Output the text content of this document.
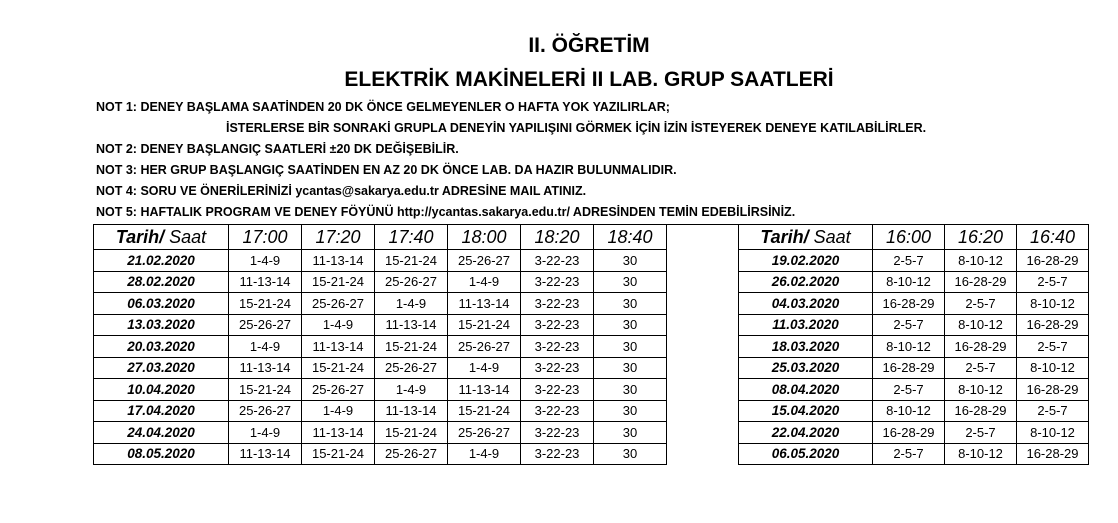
II. ÖĞRETİM
ELEKTRİK MAKİNELERİ II LAB. GRUP SAATLERİ
NOT 1: DENEY BAŞLAMA SAATİNDEN 20 DK ÖNCE GELMEYENLER O HAFTA YOK YAZILIRLAR;
İSTERLERSE BİR SONRAKİ GRUPLA DENEYİN YAPILIŞINI GÖRMEK İÇİN İZİN İSTEYEREK DENEYE KATILABİLİRLER.
NOT 2: DENEY BAŞLANGIÇ SAATLERİ ±20 DK DEĞİŞEBİLİR.
NOT 3: HER GRUP BAŞLANGIÇ SAATİNDEN EN AZ 20 DK ÖNCE LAB. DA HAZIR BULUNMALIDIR.
NOT 4: SORU VE ÖNERİLERİNİZİ ycantas@sakarya.edu.tr ADRESİNE MAIL ATINIZ.
NOT 5: HAFTALIK PROGRAM VE DENEY FÖYÜNÜ http://ycantas.sakarya.edu.tr/ ADRESİNDEN TEMİN EDEBİLİRSİNİZ.
Tarih/ Saat	17:00	17:20	17:40	18:00	18:20	18:40		Tarih/ Saat	16:00	16:20	16:40
21.02.2020	1-4-9	11-13-14	15-21-24	25-26-27	3-22-23	30		19.02.2020	2-5-7	8-10-12	16-28-29
28.02.2020	11-13-14	15-21-24	25-26-27	1-4-9	3-22-23	30		26.02.2020	8-10-12	16-28-29	2-5-7
06.03.2020	15-21-24	25-26-27	1-4-9	11-13-14	3-22-23	30		04.03.2020	16-28-29	2-5-7	8-10-12
13.03.2020	25-26-27	1-4-9	11-13-14	15-21-24	3-22-23	30		11.03.2020	2-5-7	8-10-12	16-28-29
20.03.2020	1-4-9	11-13-14	15-21-24	25-26-27	3-22-23	30		18.03.2020	8-10-12	16-28-29	2-5-7
27.03.2020	11-13-14	15-21-24	25-26-27	1-4-9	3-22-23	30		25.03.2020	16-28-29	2-5-7	8-10-12
10.04.2020	15-21-24	25-26-27	1-4-9	11-13-14	3-22-23	30		08.04.2020	2-5-7	8-10-12	16-28-29
17.04.2020	25-26-27	1-4-9	11-13-14	15-21-24	3-22-23	30		15.04.2020	8-10-12	16-28-29	2-5-7
24.04.2020	1-4-9	11-13-14	15-21-24	25-26-27	3-22-23	30		22.04.2020	16-28-29	2-5-7	8-10-12
08.05.2020	11-13-14	15-21-24	25-26-27	1-4-9	3-22-23	30		06.05.2020	2-5-7	8-10-12	16-28-29
